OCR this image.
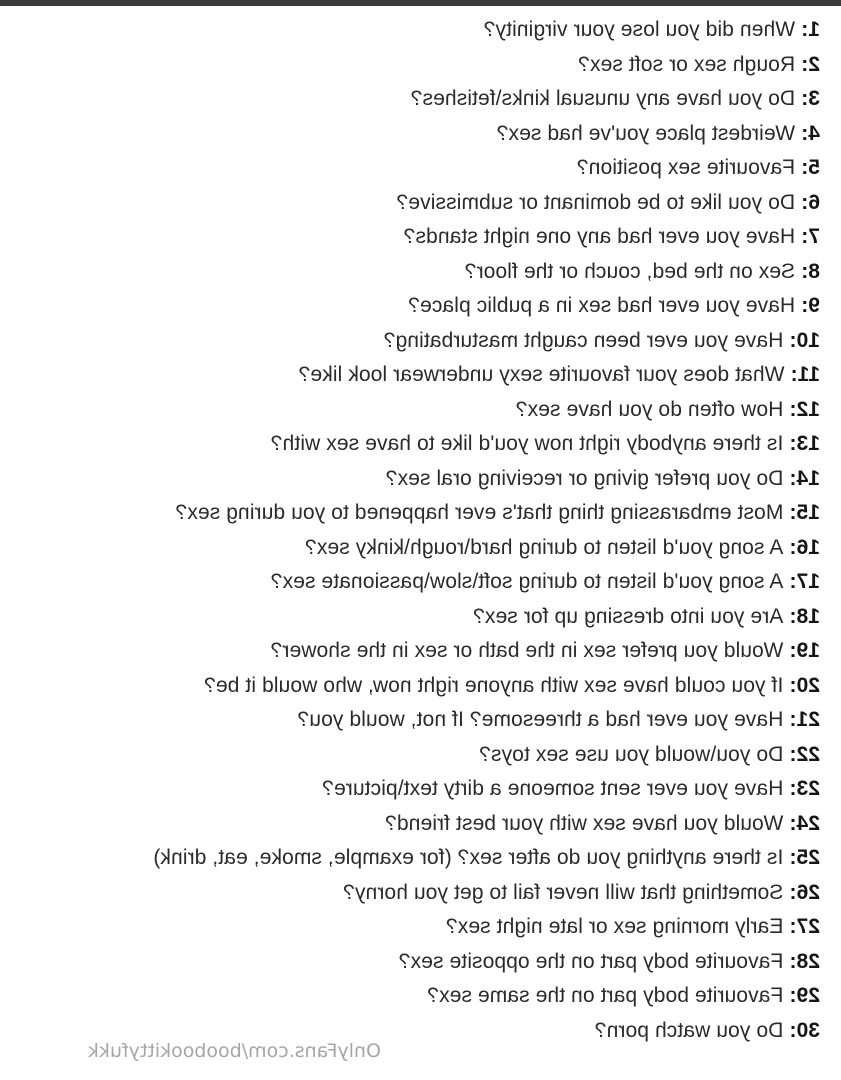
1:When did you lose your virginity?
2:Rough sex or soft sex?
3:Do you have any unusual kinks\fetishes?
4:Weirdest place you've had sex?
5:Favourite sex position?
6:Do you like to be dominant or submissive?
7:Have you ever had any one night stands?
8:Sex on the bed, couch or the floor?
9:Have you ever had sex in a public place?
10:Have you ever been caught masturbating?
11:What does your favourite sexy underwear look like?
12:How often do you have sex?
13:Is there anybody right now you'd like to have sex with?
14:Do you prefer giving or receiving oral sex?
15:Most embarassing thing that's ever happened to you during sex?
16:A song you'd listen to during hard\rough\kinky sex?
17:A song you'd listen to during soft\slow\passionate sex?
18:Are you into dressing up for sex?
19:Would you prefer sex in the bath or sex in the shower?
20:If you could have sex with anyone right now, who would it be?
21:Have you ever had a threesome? If not, would you?
22:Do you\would you use sex toys?
23:Have you ever sent someone a dirty text\picture?
24:Would you have sex with your best friend?
25:Is there anything you do after sex? (for example, smoke, eat, drink)
26:Something that will never fail to get you horny?
27:Early morning sex or late night sex?
28:Favourite body part on the opposite sex?
29:Favourite body part on the same sex?
30:Do you watch porn?
OnlyFans.com/boobookittyfukk
